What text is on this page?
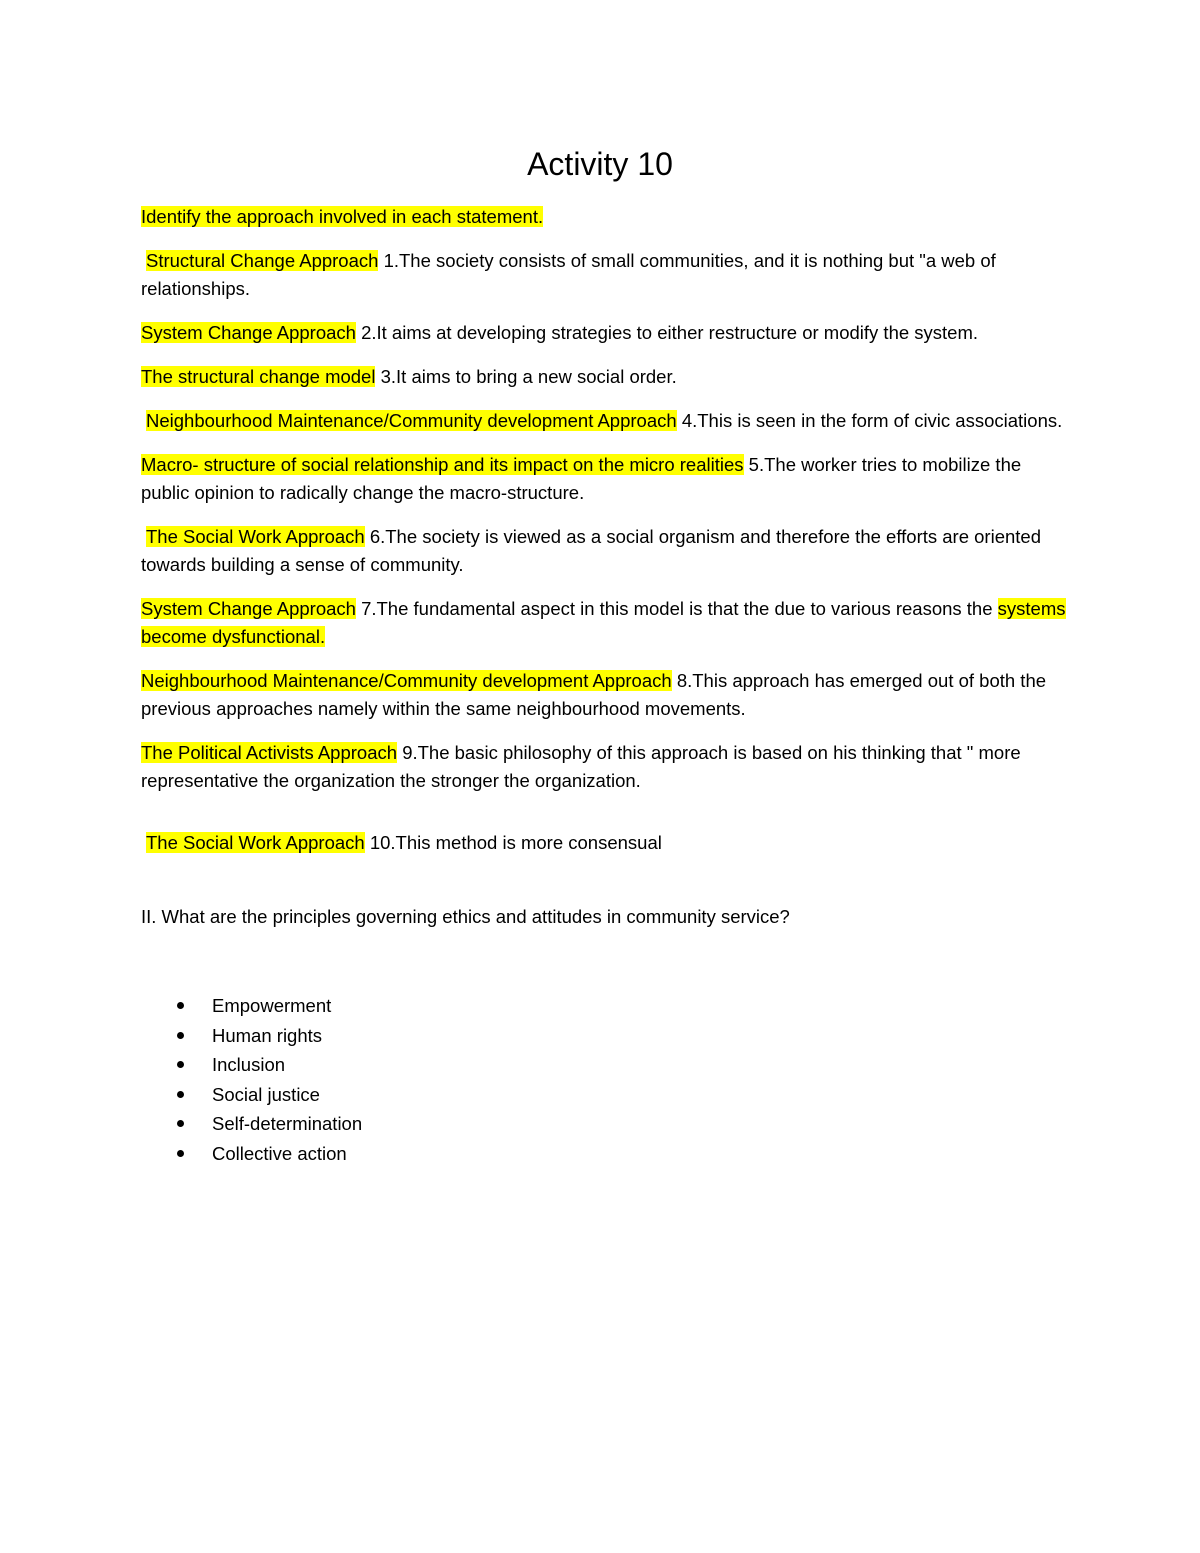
Activity 10

Identify the approach involved in each statement.

Structural Change Approach 1.The society consists of small communities, and it is nothing but "a web of relationships.

System Change Approach 2.It aims at developing strategies to either restructure or modify the system.

The structural change model 3.It aims to bring a new social order.

Neighbourhood Maintenance/Community development Approach 4.This is seen in the form of civic associations.

Macro- structure of social relationship and its impact on the micro realities 5.The worker tries to mobilize the public opinion to radically change the macro-structure.

The Social Work Approach 6.The society is viewed as a social organism and therefore the efforts are oriented towards building a sense of community.

System Change Approach 7.The fundamental aspect in this model is that the due to various reasons the systems become dysfunctional.

Neighbourhood Maintenance/Community development Approach 8.This approach has emerged out of both the previous approaches namely within the same neighbourhood movements.

The Political Activists Approach 9.The basic philosophy of this approach is based on his thinking that " more representative the organization the stronger the organization.

The Social Work Approach 10.This method is more consensual

II. What are the principles governing ethics and attitudes in community service?

Empowerment
Human rights
Inclusion
Social justice
Self-determination
Collective action
